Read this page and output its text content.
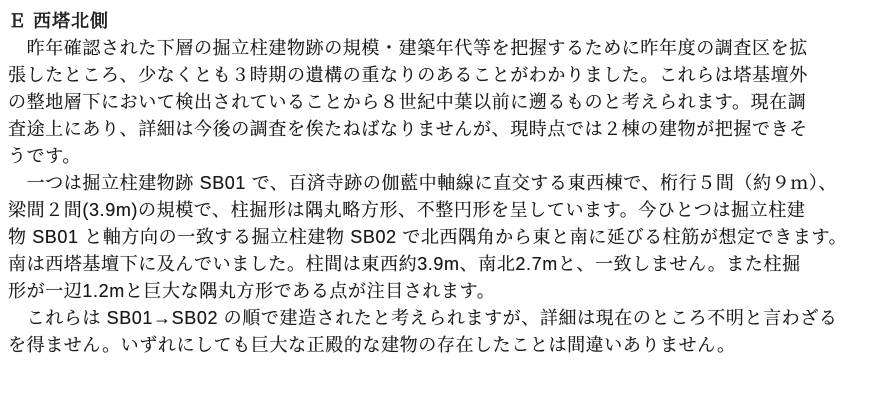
Ｅ 西塔北側
　昨年確認された下層の掘立柱建物跡の規模・建築年代等を把握するために昨年度の調査区を拡
張したところ、少なくとも３時期の遺構の重なりのあることがわかりました。これらは塔基壇外
の整地層下において検出されていることから８世紀中葉以前に遡るものと考えられます。現在調
査途上にあり、詳細は今後の調査を俟たねばなりませんが、現時点では２棟の建物が把握できそ
うです。
　一つは掘立柱建物跡 SB01 で、百済寺跡の伽藍中軸線に直交する東西棟で、桁行５間（約９ｍ）、
梁間２間(3.9m)の規模で、柱掘形は隅丸略方形、不整円形を呈しています。今ひとつは掘立柱建
物 SB01 と軸方向の一致する掘立柱建物 SB02 で北西隅角から東と南に延びる柱筋が想定できます。
南は西塔基壇下に及んでいました。柱間は東西約3.9m、南北2.7mと、一致しません。また柱掘
形が一辺1.2mと巨大な隅丸方形である点が注目されます。
　これらは SB01→SB02 の順で建造されたと考えられますが、詳細は現在のところ不明と言わざる
を得ません。いずれにしても巨大な正殿的な建物の存在したことは間違いありません。
